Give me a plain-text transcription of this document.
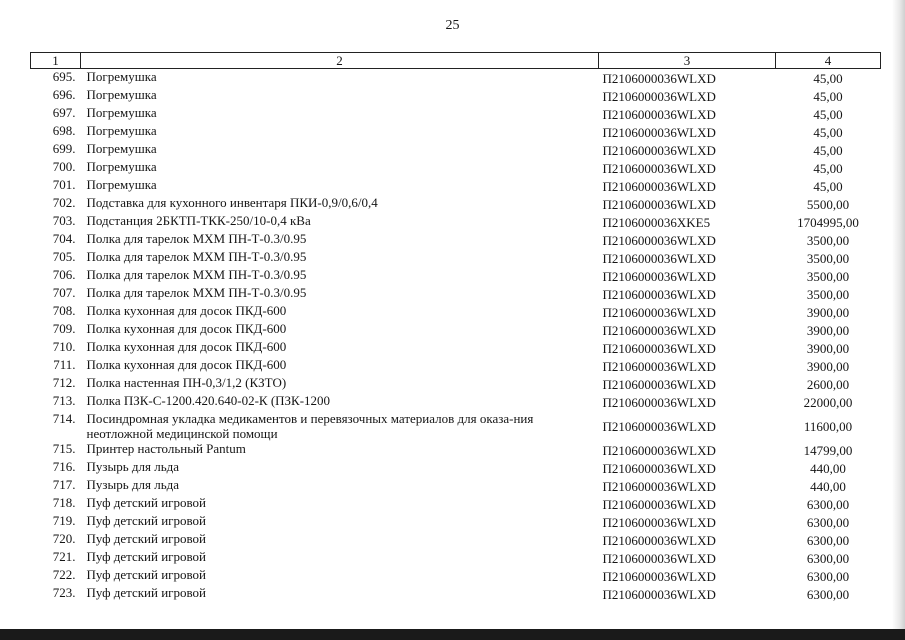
25
1	2	3	4
695.	Погремушка	П2106000036WLXD	45,00
696.	Погремушка	П2106000036WLXD	45,00
697.	Погремушка	П2106000036WLXD	45,00
698.	Погремушка	П2106000036WLXD	45,00
699.	Погремушка	П2106000036WLXD	45,00
700.	Погремушка	П2106000036WLXD	45,00
701.	Погремушка	П2106000036WLXD	45,00
702.	Подставка для кухонного инвентаря ПКИ-0,9/0,6/0,4	П2106000036WLXD	5500,00
703.	Подстанция 2БКТП-ТКК-250/10-0,4 кВа	П2106000036XKE5	1704995,00
704.	Полка для тарелок МХМ ПН-Т-0.3/0.95	П2106000036WLXD	3500,00
705.	Полка для тарелок МХМ ПН-Т-0.3/0.95	П2106000036WLXD	3500,00
706.	Полка для тарелок МХМ ПН-Т-0.3/0.95	П2106000036WLXD	3500,00
707.	Полка для тарелок МХМ ПН-Т-0.3/0.95	П2106000036WLXD	3500,00
708.	Полка кухонная для досок ПКД-600	П2106000036WLXD	3900,00
709.	Полка кухонная для досок ПКД-600	П2106000036WLXD	3900,00
710.	Полка кухонная для досок ПКД-600	П2106000036WLXD	3900,00
711.	Полка кухонная для досок ПКД-600	П2106000036WLXD	3900,00
712.	Полка настенная ПН-0,3/1,2 (КЗТО)	П2106000036WLXD	2600,00
713.	Полка ПЗК-С-1200.420.640-02-К (ПЗК-1200	П2106000036WLXD	22000,00
714.	Посиндромная укладка медикаментов и перевязочных материалов для оказа-ния неотложной медицинской помощи	П2106000036WLXD	11600,00
715.	Принтер настольный Pantum	П2106000036WLXD	14799,00
716.	Пузырь для льда	П2106000036WLXD	440,00
717.	Пузырь для льда	П2106000036WLXD	440,00
718.	Пуф детский игровой	П2106000036WLXD	6300,00
719.	Пуф детский игровой	П2106000036WLXD	6300,00
720.	Пуф детский игровой	П2106000036WLXD	6300,00
721.	Пуф детский игровой	П2106000036WLXD	6300,00
722.	Пуф детский игровой	П2106000036WLXD	6300,00
723.	Пуф детский игровой	П2106000036WLXD	6300,00
